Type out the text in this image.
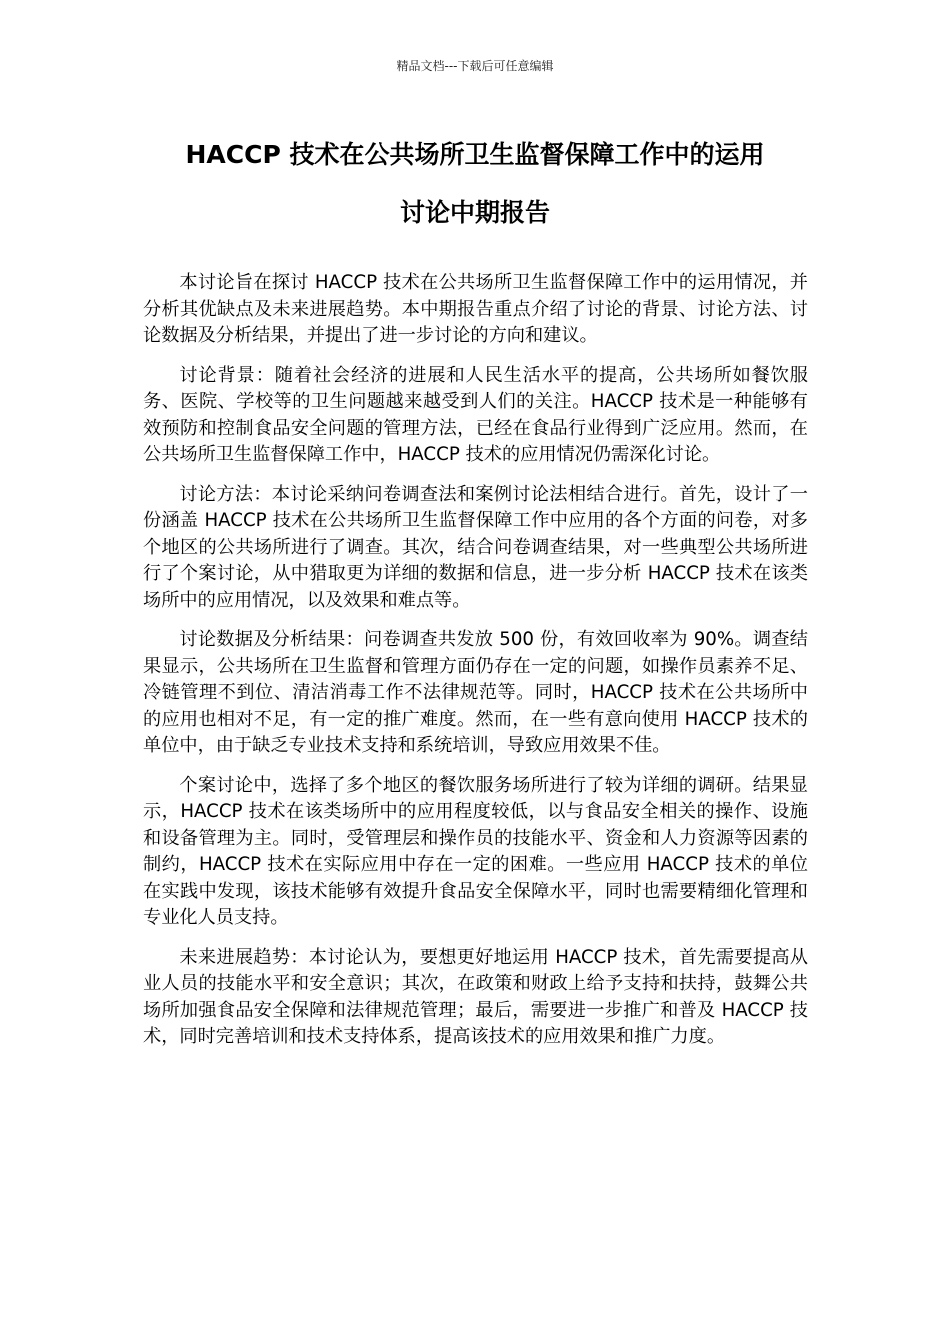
精品文档---下载后可任意编辑
HACCP 技术在公共场所卫生监督保障工作中的运用
讨论中期报告

本讨论旨在探讨 HACCP 技术在公共场所卫生监督保障工作中的运用情况，并分析其优缺点及未来进展趋势。本中期报告重点介绍了讨论的背景、讨论方法、讨论数据及分析结果，并提出了进一步讨论的方向和建议。

讨论背景：随着社会经济的进展和人民生活水平的提高，公共场所如餐饮服务、医院、学校等的卫生问题越来越受到人们的关注。HACCP 技术是一种能够有效预防和控制食品安全问题的管理方法，已经在食品行业得到广泛应用。然而，在公共场所卫生监督保障工作中，HACCP 技术的应用情况仍需深化讨论。

讨论方法：本讨论采纳问卷调查法和案例讨论法相结合进行。首先，设计了一份涵盖 HACCP 技术在公共场所卫生监督保障工作中应用的各个方面的问卷，对多个地区的公共场所进行了调查。其次，结合问卷调查结果，对一些典型公共场所进行了个案讨论，从中猎取更为详细的数据和信息，进一步分析 HACCP 技术在该类场所中的应用情况，以及效果和难点等。

讨论数据及分析结果：问卷调查共发放 500 份，有效回收率为 90%。调查结果显示，公共场所在卫生监督和管理方面仍存在一定的问题，如操作员素养不足、冷链管理不到位、清洁消毒工作不法律规范等。同时，HACCP 技术在公共场所中的应用也相对不足，有一定的推广难度。然而，在一些有意向使用 HACCP 技术的单位中，由于缺乏专业技术支持和系统培训，导致应用效果不佳。

个案讨论中，选择了多个地区的餐饮服务场所进行了较为详细的调研。结果显示，HACCP 技术在该类场所中的应用程度较低，以与食品安全相关的操作、设施和设备管理为主。同时，受管理层和操作员的技能水平、资金和人力资源等因素的制约，HACCP 技术在实际应用中存在一定的困难。一些应用 HACCP 技术的单位在实践中发现，该技术能够有效提升食品安全保障水平，同时也需要精细化管理和专业化人员支持。

未来进展趋势：本讨论认为，要想更好地运用 HACCP 技术，首先需要提高从业人员的技能水平和安全意识；其次，在政策和财政上给予支持和扶持，鼓舞公共场所加强食品安全保障和法律规范管理；最后，需要进一步推广和普及 HACCP 技术，同时完善培训和技术支持体系，提高该技术的应用效果和推广力度。
